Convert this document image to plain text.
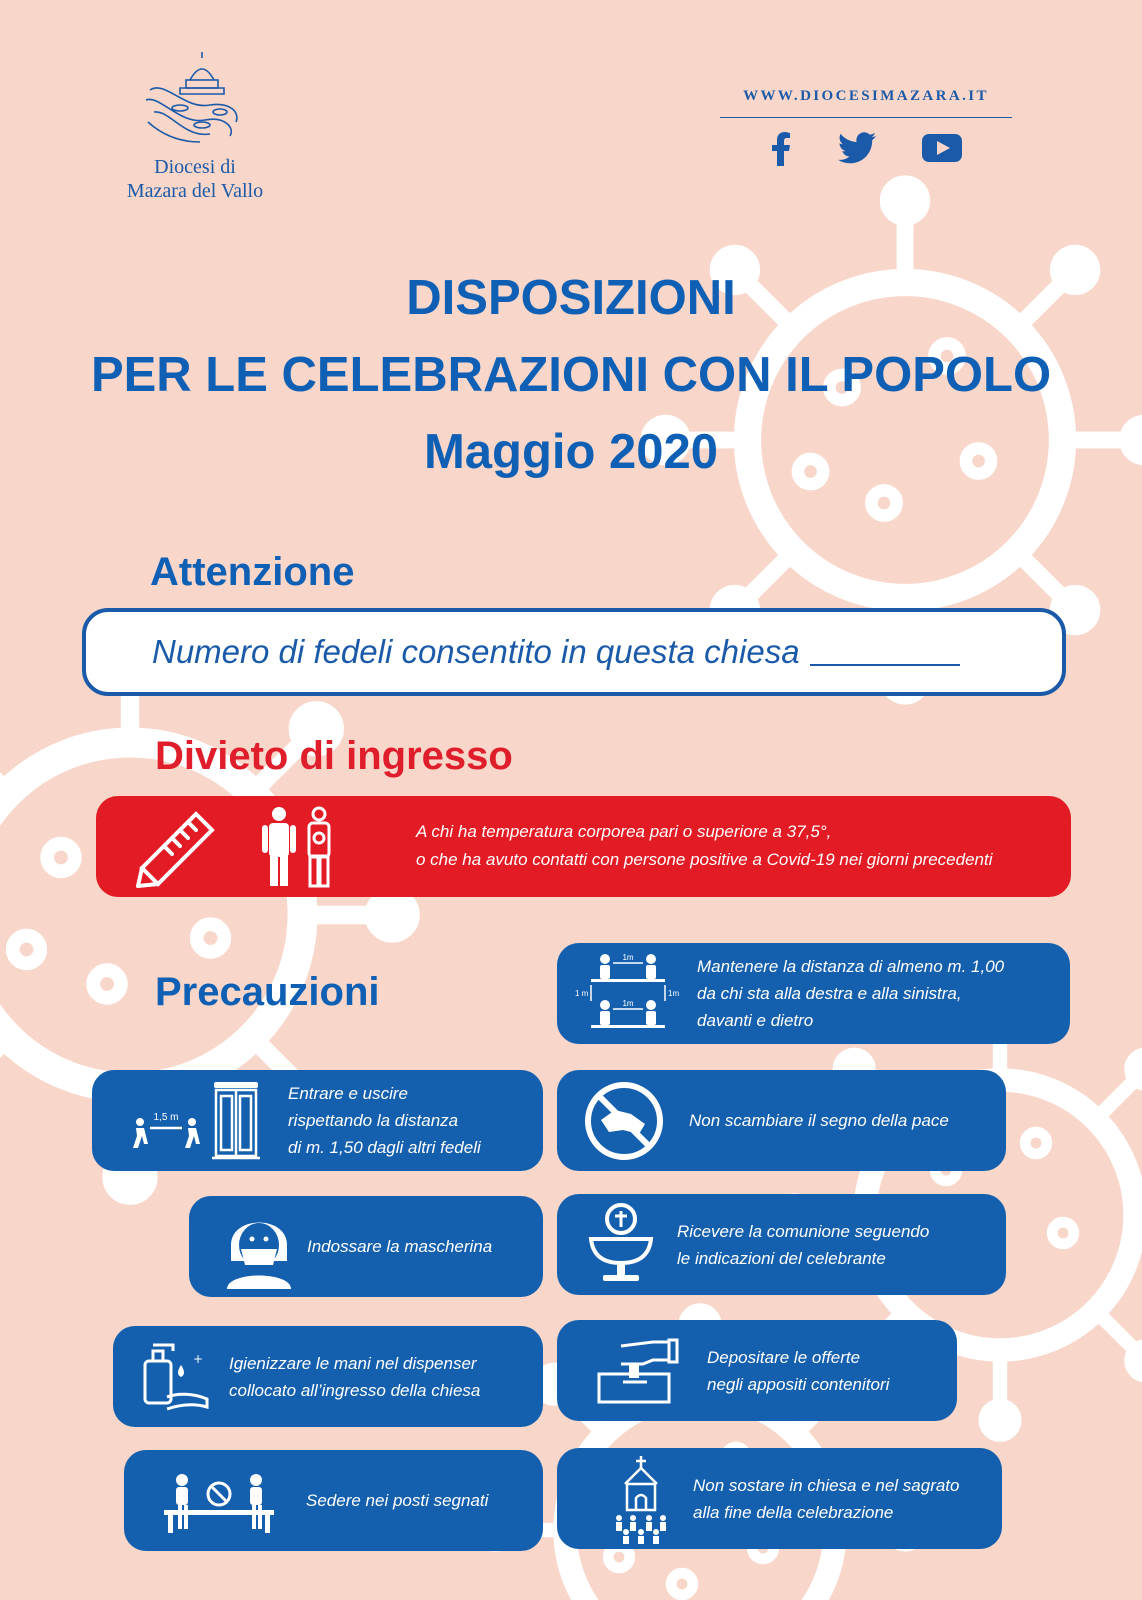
Diocesi di
Mazara del Vallo
WWW.DIOCESIMAZARA.IT
DISPOSIZIONI
PER LE CELEBRAZIONI CON IL POPOLO
Maggio 2020
Attenzione
Numero di fedeli consentito in questa chiesa
Divieto di ingresso
A chi ha temperatura corporea pari o superiore a 37,5°,
o che ha avuto contatti con persone positive a Covid-19 nei giorni precedenti
Precauzioni
1m
1m
1 m	1m
Mantenere la distanza di almeno m. 1,00
da chi sta alla destra e alla sinistra,
davanti e dietro
1,5 m
Entrare e uscire
rispettando la distanza
di m. 1,50 dagli altri fedeli
Non scambiare il segno della pace
Indossare la mascherina
Ricevere la comunione seguendo
le indicazioni del celebrante
+ Igienizzare le mani nel dispenser
collocato all’ingresso della chiesa
Depositare le offerte
negli appositi contenitori
Sedere nei posti segnati
Non sostare in chiesa e nel sagrato
alla fine della celebrazione
